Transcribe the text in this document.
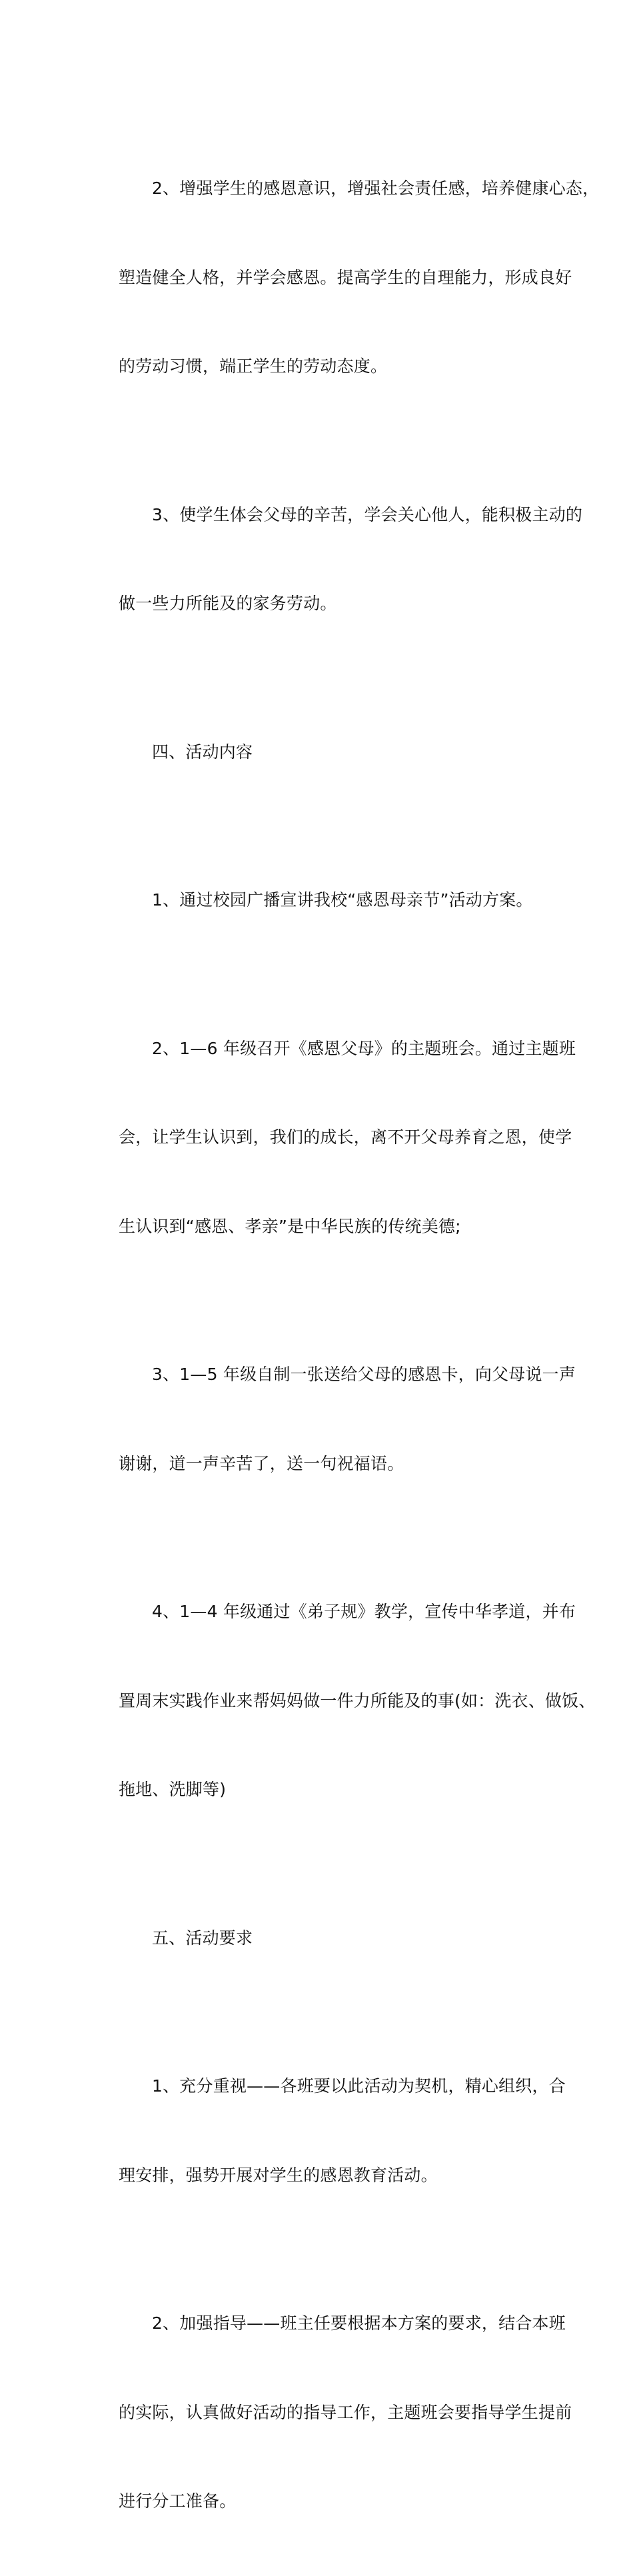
2、增强学生的感恩意识，增强社会责任感，培养健康心态，

塑造健全人格，并学会感恩。提高学生的自理能力，形成良好

的劳动习惯，端正学生的劳动态度。

3、使学生体会父母的辛苦，学会关心他人，能积极主动的

做一些力所能及的家务劳动。

四、活动内容

1、通过校园广播宣讲我校“感恩母亲节”活动方案。

2、1—6 年级召开《感恩父母》的主题班会。通过主题班

会，让学生认识到，我们的成长，离不开父母养育之恩，使学

生认识到“感恩、孝亲”是中华民族的传统美德;

3、1—5 年级自制一张送给父母的感恩卡，向父母说一声

谢谢，道一声辛苦了，送一句祝福语。

4、1—4 年级通过《弟子规》教学，宣传中华孝道，并布

置周末实践作业来帮妈妈做一件力所能及的事(如：洗衣、做饭、

拖地、洗脚等)

五、活动要求

1、充分重视——各班要以此活动为契机，精心组织，合

理安排，强势开展对学生的感恩教育活动。

2、加强指导——班主任要根据本方案的要求，结合本班

的实际，认真做好活动的指导工作，主题班会要指导学生提前

进行分工准备。
